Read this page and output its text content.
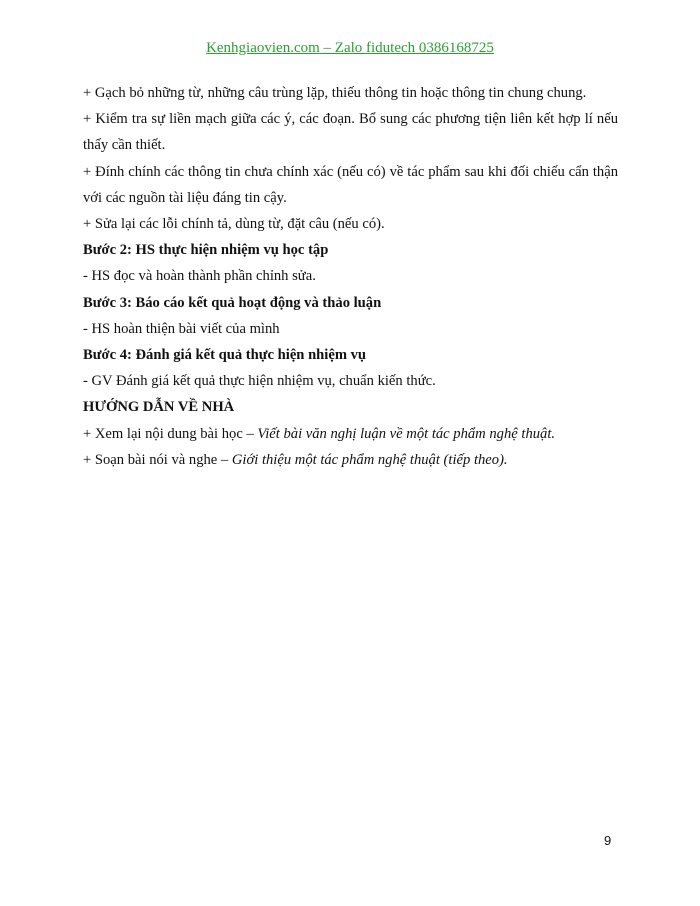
Kenhgiaovien.com – Zalo fidutech 0386168725

+ Gạch bỏ những từ, những câu trùng lặp, thiếu thông tin hoặc thông tin chung chung.

+ Kiểm tra sự liền mạch giữa các ý, các đoạn. Bổ sung các phương tiện liên kết hợp lí nếu thấy cần thiết.

+ Đính chính các thông tin chưa chính xác (nếu có) về tác phẩm sau khi đối chiếu cẩn thận với các nguồn tài liệu đáng tin cậy.

+ Sửa lại các lỗi chính tả, dùng từ, đặt câu (nếu có).

Bước 2: HS thực hiện nhiệm vụ học tập

- HS đọc và hoàn thành phần chỉnh sửa.

Bước 3: Báo cáo kết quả hoạt động và thảo luận

- HS hoàn thiện bài viết của mình

Bước 4: Đánh giá kết quả thực hiện nhiệm vụ

- GV Đánh giá kết quả thực hiện nhiệm vụ, chuẩn kiến thức.

HƯỚNG DẪN VỀ NHÀ

+ Xem lại nội dung bài học – Viết bài văn nghị luận về một tác phẩm nghệ thuật.

+ Soạn bài nói và nghe – Giới thiệu một tác phẩm nghệ thuật (tiếp theo).

9
